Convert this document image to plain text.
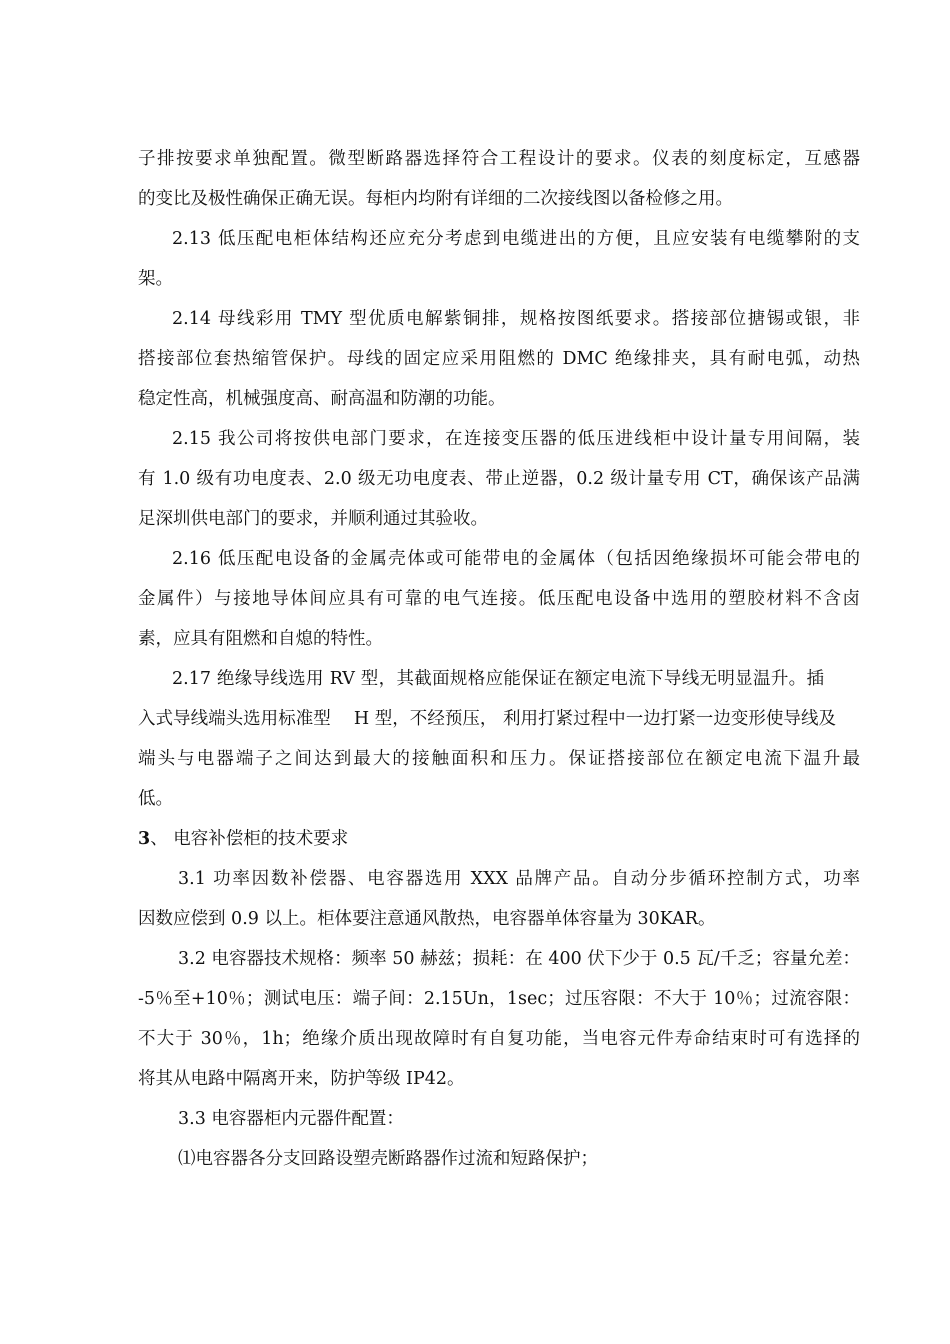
子排按要求单独配置。微型断路器选择符合工程设计的要求。仪表的刻度标定，互感器
的变比及极性确保正确无误。每柜内均附有详细的二次接线图以备检修之用。
2.13 低压配电柜体结构还应充分考虑到电缆进出的方便，且应安装有电缆攀附的支
架。
2.14 母线彩用 TMY 型优质电解紫铜排，规格按图纸要求。搭接部位搪锡或银，非
搭接部位套热缩管保护。母线的固定应采用阻燃的 DMC 绝缘排夹，具有耐电弧，动热
稳定性高，机械强度高、耐高温和防潮的功能。
2.15 我公司将按供电部门要求，在连接变压器的低压进线柜中设计量专用间隔，装
有 1.0 级有功电度表、2.0 级无功电度表、带止逆器，0.2 级计量专用 CT，确保该产品满
足深圳供电部门的要求，并顺利通过其验收。
2.16 低压配电设备的金属壳体或可能带电的金属体（包括因绝缘损坏可能会带电的
金属件）与接地导体间应具有可靠的电气连接。低压配电设备中选用的塑胶材料不含卤
素，应具有阻燃和自熄的特性。
2.17 绝缘导线选用 RV 型，其截面规格应能保证在额定电流下导线无明显温升。插
入式导线端头选用标准型　 H 型，不经预压， 利用打紧过程中一边打紧一边变形使导线及
端头与电器端子之间达到最大的接触面积和压力。保证搭接部位在额定电流下温升最
低。
3、 电容补偿柜的技术要求
3.1 功率因数补偿器、电容器选用 XXX 品牌产品。自动分步循环控制方式，功率
因数应偿到 0.9 以上。柜体要注意通风散热，电容器单体容量为 30KAR。
3.2 电容器技术规格：频率 50 赫兹；损耗：在 400 伏下少于 0.5 瓦/千乏；容量允差：
-5％至+10％；测试电压：端子间：2.15Un，1sec；过压容限：不大于 10％；过流容限：
不大于 30％，1h；绝缘介质出现故障时有自复功能，当电容元件寿命结束时可有选择的
将其从电路中隔离开来，防护等级 IP42。
3.3 电容器柜内元器件配置：
⑴电容器各分支回路设塑壳断路器作过流和短路保护；
